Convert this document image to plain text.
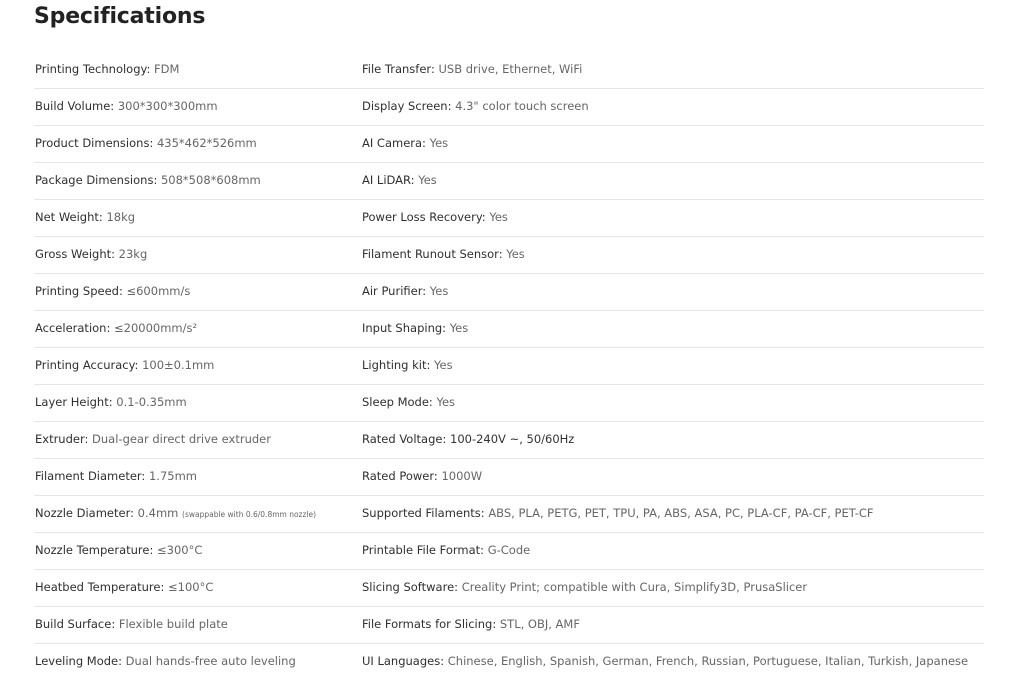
Specifications
Printing Technology: FDM	File Transfer: USB drive, Ethernet, WiFi
Build Volume: 300*300*300mm	Display Screen: 4.3" color touch screen
Product Dimensions: 435*462*526mm	AI Camera: Yes
Package Dimensions: 508*508*608mm	AI LiDAR: Yes
Net Weight: 18kg	Power Loss Recovery: Yes
Gross Weight: 23kg	Filament Runout Sensor: Yes
Printing Speed: ≤600mm/s	Air Purifier: Yes
Acceleration: ≤20000mm/s²	Input Shaping: Yes
Printing Accuracy: 100±0.1mm	Lighting kit: Yes
Layer Height: 0.1-0.35mm	Sleep Mode: Yes
Extruder: Dual-gear direct drive extruder	Rated Voltage: 100-240V ~, 50/60Hz
Filament Diameter: 1.75mm	Rated Power: 1000W
Nozzle Diameter: 0.4mm (swappable with 0.6/0.8mm nozzle)	Supported Filaments: ABS, PLA, PETG, PET, TPU, PA, ABS, ASA, PC, PLA-CF, PA-CF, PET-CF
Nozzle Temperature: ≤300°C	Printable File Format: G-Code
Heatbed Temperature: ≤100°C	Slicing Software: Creality Print; compatible with Cura, Simplify3D, PrusaSlicer
Build Surface: Flexible build plate	File Formats for Slicing: STL, OBJ, AMF
Leveling Mode: Dual hands-free auto leveling	UI Languages: Chinese, English, Spanish, German, French, Russian, Portuguese, Italian, Turkish, Japanese
